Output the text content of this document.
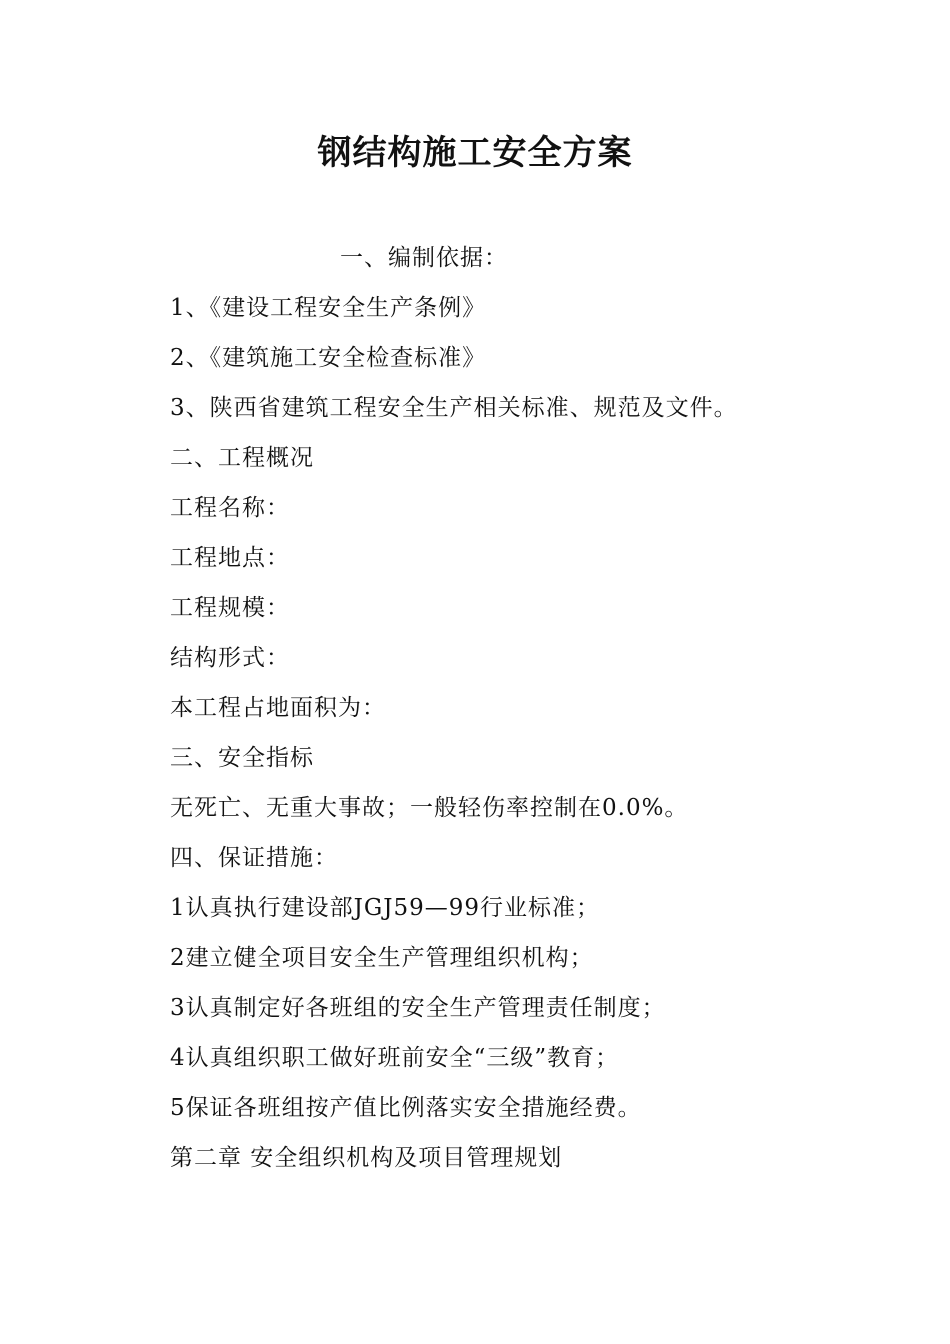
钢结构施工安全方案
一、编制依据：
1、《建设工程安全生产条例》
2、《建筑施工安全检查标准》
3、陕西省建筑工程安全生产相关标准、规范及文件。
二、工程概况
工程名称：
工程地点：
工程规模：
结构形式：
本工程占地面积为：
三、安全指标
无死亡、无重大事故；一般轻伤率控制在0.0%。
四、保证措施：
1认真执行建设部JGJ59—99行业标准；
2建立健全项目安全生产管理组织机构；
3认真制定好各班组的安全生产管理责任制度；
4认真组织职工做好班前安全“三级”教育；
5保证各班组按产值比例落实安全措施经费。
第二章 安全组织机构及项目管理规划
